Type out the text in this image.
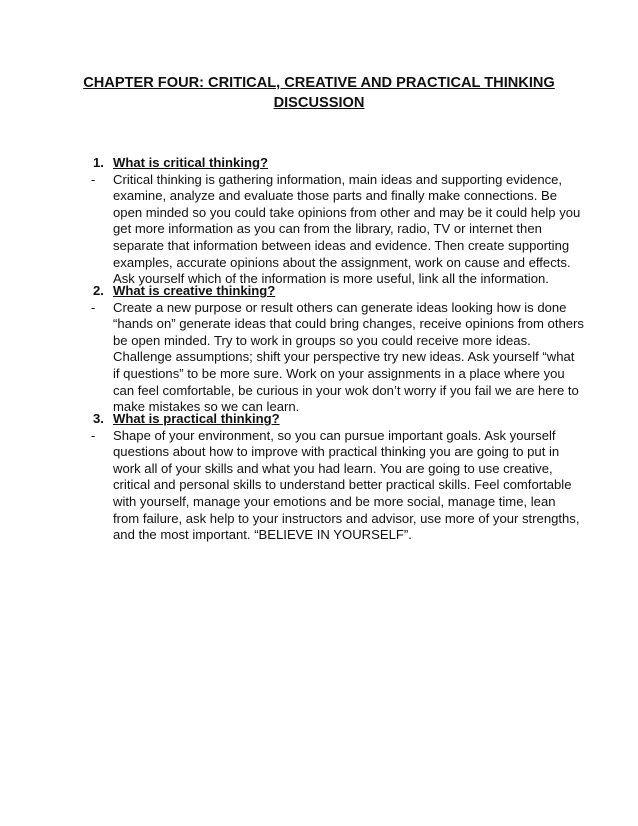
CHAPTER FOUR: CRITICAL, CREATIVE AND PRACTICAL THINKING
DISCUSSION
1. What is critical thinking?
- Critical thinking is gathering information, main ideas and supporting evidence,
examine, analyze and evaluate those parts and finally make connections. Be
open minded so you could take opinions from other and may be it could help you
get more information as you can from the library, radio, TV or internet then
separate that information between ideas and evidence. Then create supporting
examples, accurate opinions about the assignment, work on cause and effects.
Ask yourself which of the information is more useful, link all the information.
2. What is creative thinking?
- Create a new purpose or result others can generate ideas looking how is done
“hands on” generate ideas that could bring changes, receive opinions from others
be open minded. Try to work in groups so you could receive more ideas.
Challenge assumptions; shift your perspective try new ideas. Ask yourself “what
if questions” to be more sure. Work on your assignments in a place where you
can feel comfortable, be curious in your wok don’t worry if you fail we are here to
make mistakes so we can learn.
3. What is practical thinking?
- Shape of your environment, so you can pursue important goals. Ask yourself
questions about how to improve with practical thinking you are going to put in
work all of your skills and what you had learn. You are going to use creative,
critical and personal skills to understand better practical skills. Feel comfortable
with yourself, manage your emotions and be more social, manage time, lean
from failure, ask help to your instructors and advisor, use more of your strengths,
and the most important. “BELIEVE IN YOURSELF”.
